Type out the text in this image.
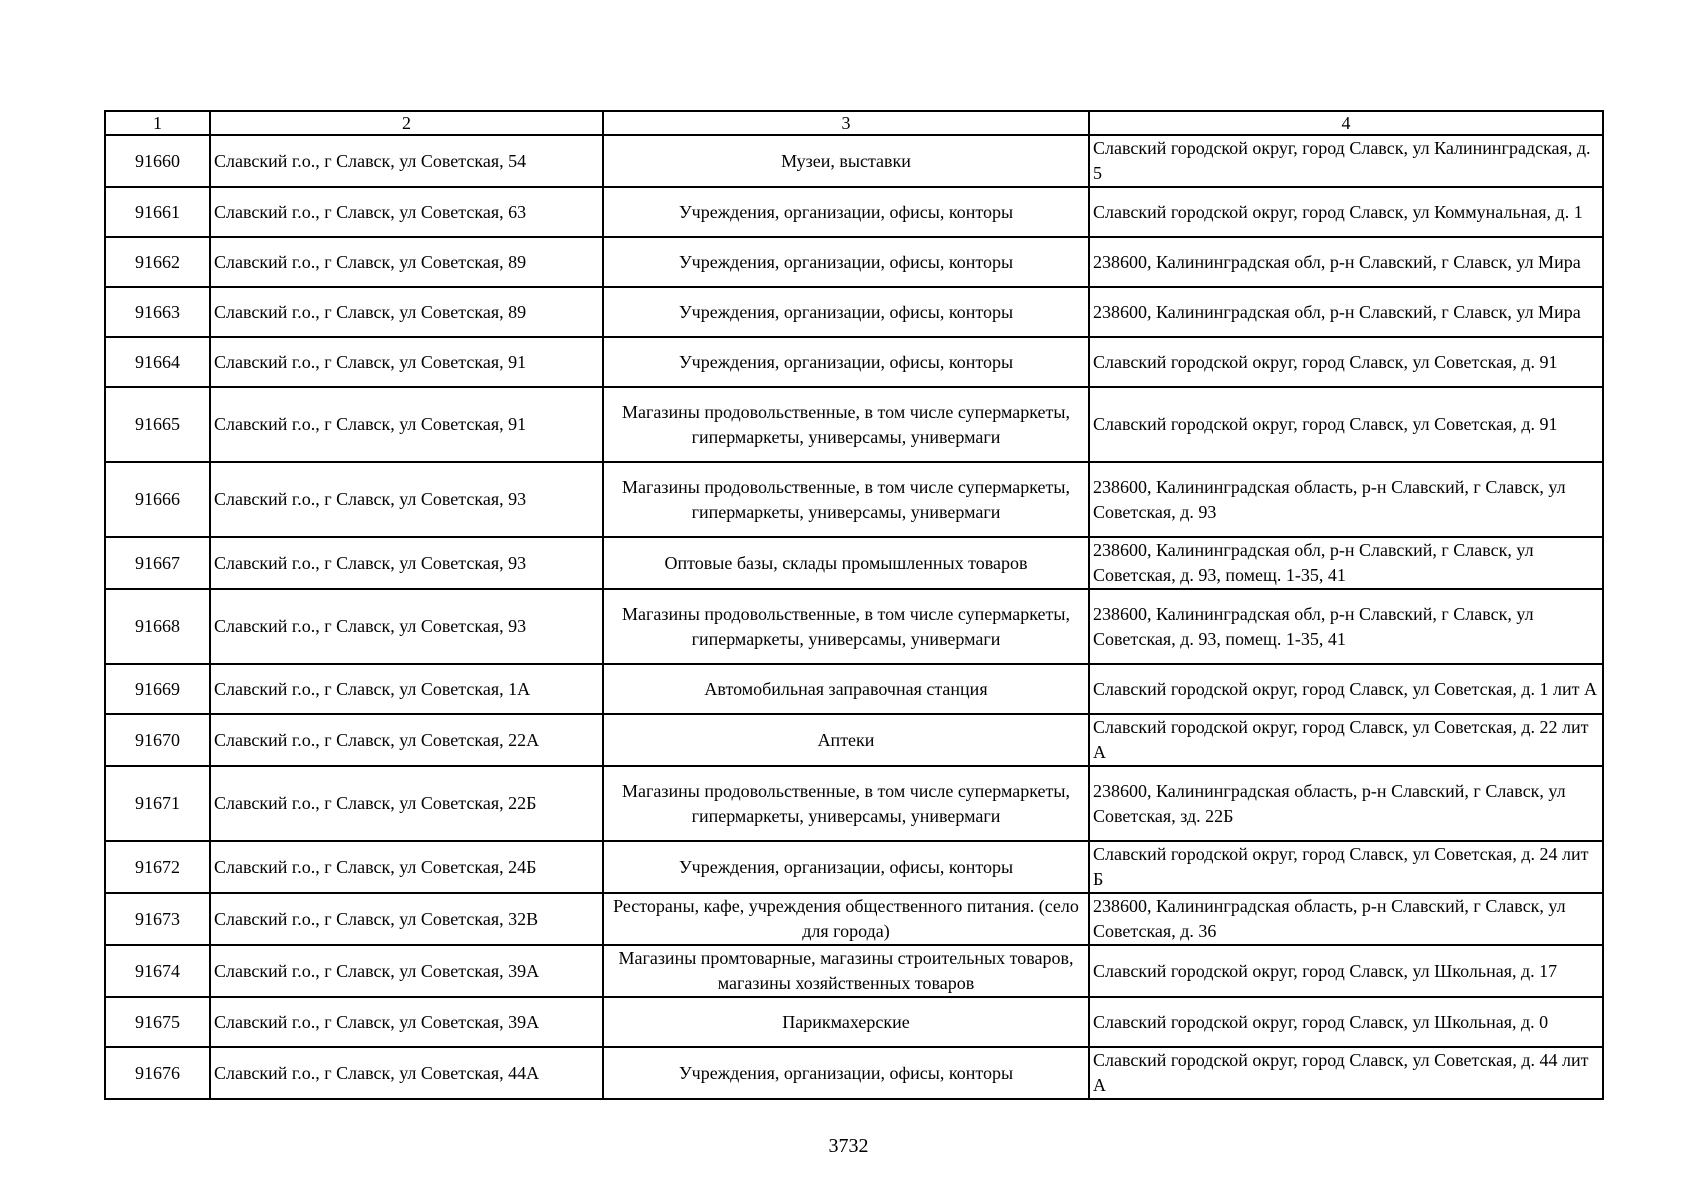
1	2	3	4
91660	Славский г.о., г Славск, ул Советская, 54	Музеи, выставки	Славский городской округ, город Славск, ул Калининградская, д. 5
91661	Славский г.о., г Славск, ул Советская, 63	Учреждения, организации, офисы, конторы	Славский городской округ, город Славск, ул Коммунальная, д. 1
91662	Славский г.о., г Славск, ул Советская, 89	Учреждения, организации, офисы, конторы	238600, Калининградская обл, р-н Славский, г Славск, ул Мира
91663	Славский г.о., г Славск, ул Советская, 89	Учреждения, организации, офисы, конторы	238600, Калининградская обл, р-н Славский, г Славск, ул Мира
91664	Славский г.о., г Славск, ул Советская, 91	Учреждения, организации, офисы, конторы	Славский городской округ, город Славск, ул Советская, д. 91
91665	Славский г.о., г Славск, ул Советская, 91	Магазины продовольственные, в том числе супермаркеты, гипермаркеты, универсамы, универмаги	Славский городской округ, город Славск, ул Советская, д. 91
91666	Славский г.о., г Славск, ул Советская, 93	Магазины продовольственные, в том числе супермаркеты, гипермаркеты, универсамы, универмаги	238600, Калининградская область, р-н Славский, г Славск, ул Советская, д. 93
91667	Славский г.о., г Славск, ул Советская, 93	Оптовые базы, склады промышленных товаров	238600, Калининградская обл, р-н Славский, г Славск, ул Советская, д. 93, помещ. 1-35, 41
91668	Славский г.о., г Славск, ул Советская, 93	Магазины продовольственные, в том числе супермаркеты, гипермаркеты, универсамы, универмаги	238600, Калининградская обл, р-н Славский, г Славск, ул Советская, д. 93, помещ. 1-35, 41
91669	Славский г.о., г Славск, ул Советская, 1А	Автомобильная заправочная станция	Славский городской округ, город Славск, ул Советская, д. 1 лит А
91670	Славский г.о., г Славск, ул Советская, 22А	Аптеки	Славский городской округ, город Славск, ул Советская, д. 22 лит А
91671	Славский г.о., г Славск, ул Советская, 22Б	Магазины продовольственные, в том числе супермаркеты, гипермаркеты, универсамы, универмаги	238600, Калининградская область, р-н Славский, г Славск, ул Советская, зд. 22Б
91672	Славский г.о., г Славск, ул Советская, 24Б	Учреждения, организации, офисы, конторы	Славский городской округ, город Славск, ул Советская, д. 24 лит Б
91673	Славский г.о., г Славск, ул Советская, 32В	Рестораны, кафе, учреждения общественного питания. (село для города)	238600, Калининградская область, р-н Славский, г Славск, ул Советская, д. 36
91674	Славский г.о., г Славск, ул Советская, 39А	Магазины промтоварные, магазины строительных товаров, магазины хозяйственных товаров	Славский городской округ, город Славск, ул Школьная, д. 17
91675	Славский г.о., г Славск, ул Советская, 39А	Парикмахерские	Славский городской округ, город Славск, ул Школьная, д. 0
91676	Славский г.о., г Славск, ул Советская, 44А	Учреждения, организации, офисы, конторы	Славский городской округ, город Славск, ул Советская, д. 44 лит А
3732
